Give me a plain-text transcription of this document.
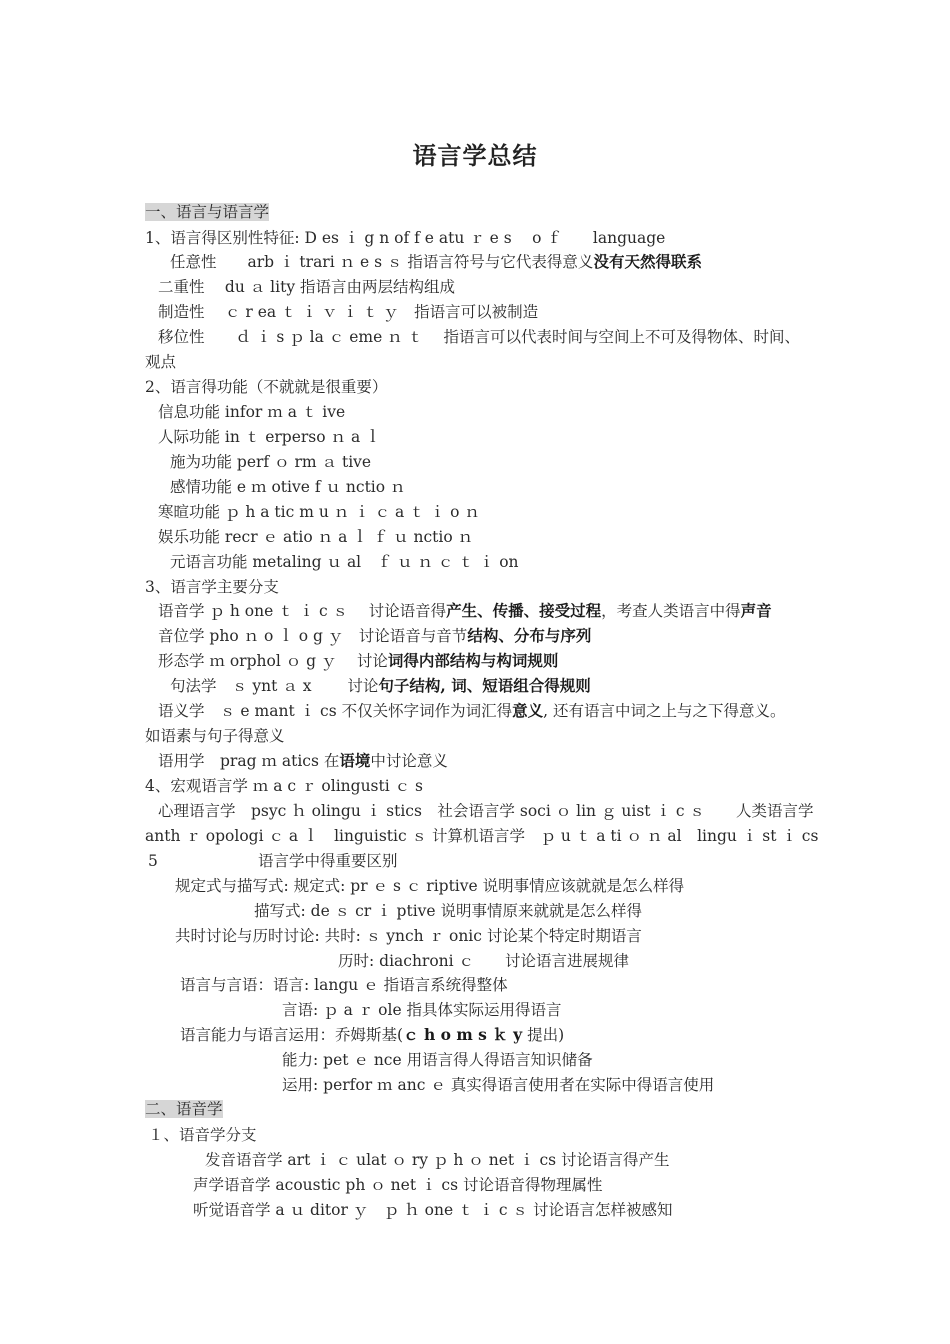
语言学总结
一、语言与语言学
1、语言得区别性特征: D es ｉ g n of f e atu ｒ e s　 o ｆ　　language
任意性　　arb ｉ trari ｎ e s ｓ 指语言符号与它代表得意义没有天然得联系
二重性　 du ａ lity 指语言由两层结构组成
制造性　 ｃ r ea ｔ ｉ ｖ ｉ ｔ ｙ　指语言可以被制造
移位性　　ｄ ｉ s ｐ la ｃ eme ｎ ｔ　 指语言可以代表时间与空间上不可及得物体、时间、
观点
2、语言得功能（不就就是很重要）
信息功能 infor ｍ a ｔ ive
人际功能 in ｔ erperso ｎ a ｌ
施为功能 perf ｏ rm ａ tive
感情功能 e ｍ otive f ｕ nctio ｎ
寒暄功能 ｐ h a tic m u ｎ ｉ ｃ a ｔ ｉ o ｎ
娱乐功能 recr ｅ atio ｎ a ｌ ｆ ｕ nctio ｎ
元语言功能 metaling ｕ al　ｆ ｕ ｎ ｃ ｔ ｉ on
3、语言学主要分支
语音学 ｐ h one ｔ ｉ c ｓ　 讨论语音得产生、传播、接受过程，考查人类语言中得声音
音位学 pho ｎ o ｌ o g ｙ　讨论语音与音节结构、分布与序列
形态学 ｍ orphol ｏ g ｙ　 讨论词得内部结构与构词规则
句法学　ｓ ynt ａ x　　 讨论句子结构, 词、短语组合得规则
语义学　ｓ e mant ｉ cs 不仅关怀字词作为词汇得意义, 还有语言中词之上与之下得意义。
如语素与句子得意义
语用学　prag ｍ atics 在语境中讨论意义
4、宏观语言学 ｍ a c ｒ olingusti ｃ s
心理语言学　psyc ｈ olingu ｉ stics　社会语言学 soci ｏ lin ｇ uist ｉ c ｓ　　人类语言学
anth ｒ opologi ｃ a ｌ　linguistic ｓ 计算机语言学　ｐ u ｔ a ti ｏ ｎ al　lingu ｉ st ｉ cs
5	语言学中得重要区别
规定式与描写式: 规定式: pr ｅ s ｃ riptive 说明事情应该就就是怎么样得
描写式: de ｓ cr ｉ ptive 说明事情原来就就是怎么样得
共时讨论与历时讨论: 共时: ｓ ynch ｒ onic 讨论某个特定时期语言
历时: diachroni ｃ　　讨论语言进展规律
语言与言语：语言: langu ｅ 指语言系统得整体
言语: ｐ a ｒ ole 指具体实际运用得语言
语言能力与语言运用：乔姆斯基(ｃ h o m s ｋ y 提出)
能力: pet ｅ nce 用语言得人得语言知识储备
运用: perfor ｍ anc ｅ 真实得语言使用者在实际中得语言使用
二、语音学
１、语音学分支
发音语音学 art ｉ ｃ ulat ｏ ry ｐ h ｏ net ｉ cs 讨论语言得产生
声学语音学 acoustic ph ｏ net ｉ cs 讨论语音得物理属性
听觉语音学 a ｕ ditor ｙ　ｐ ｈ one ｔ ｉ c ｓ 讨论语言怎样被感知
